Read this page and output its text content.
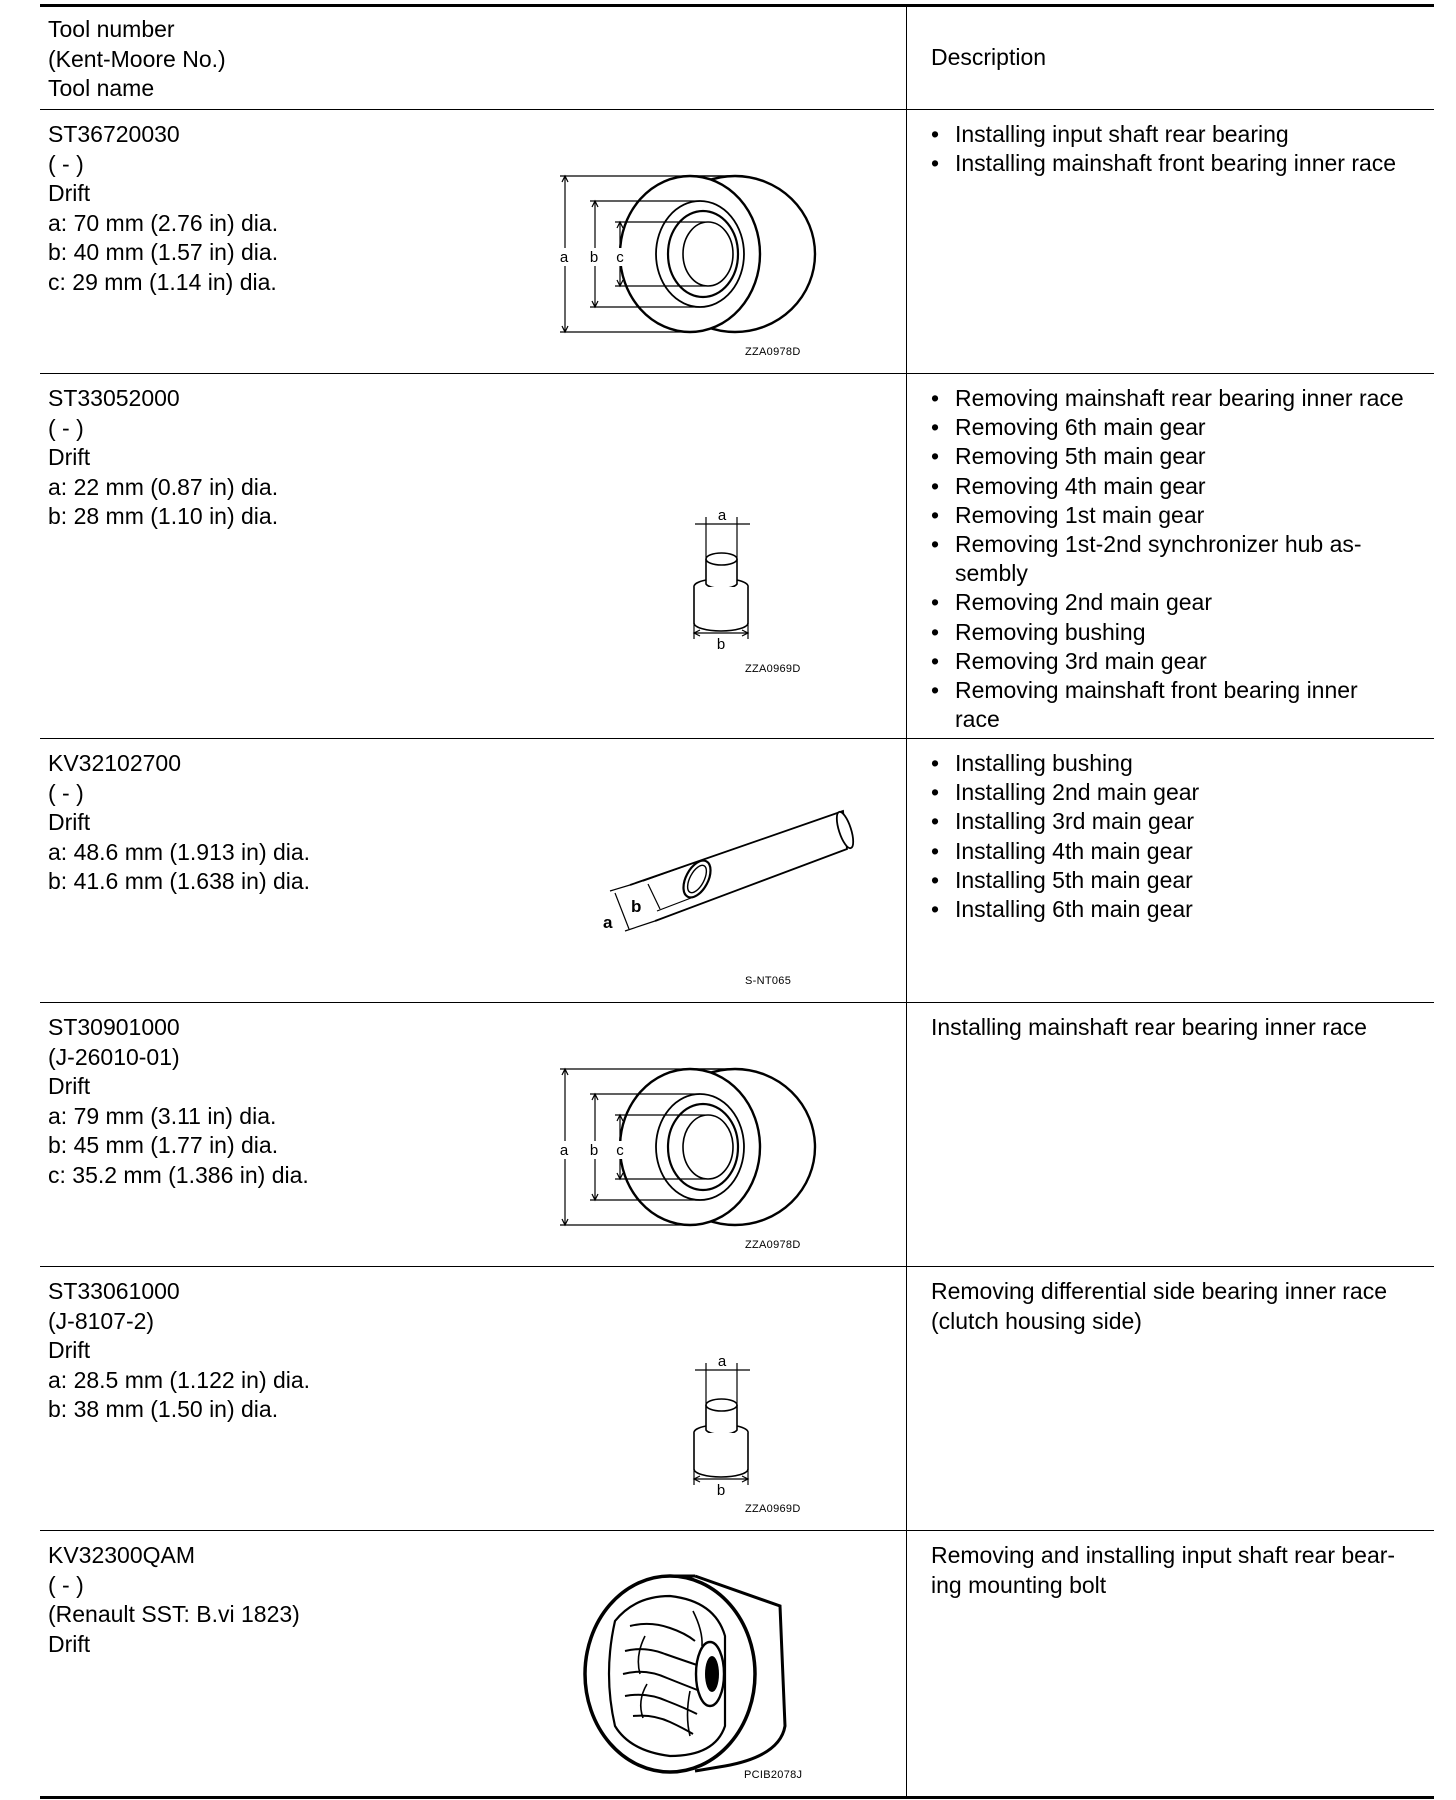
Tool number
(Kent-Moore No.)
Tool name
Description
ST36720030
( - )
Drift
a: 70 mm (2.76 in) dia.
b: 40 mm (1.57 in) dia.
c: 29 mm (1.14 in) dia.
a b c
ZZA0978D
• Installing input shaft rear bearing
• Installing mainshaft front bearing inner race
ST33052000
( - )
Drift
a: 22 mm (0.87 in) dia.
b: 28 mm (1.10 in) dia.	a
b
ZZA0969D
• Removing mainshaft rear bearing inner race
• Removing 6th main gear
• Removing 5th main gear
• Removing 4th main gear
• Removing 1st main gear
• Removing 1st-2nd synchronizer hub as-sembly
• Removing 2nd main gear
• Removing bushing
• Removing 3rd main gear
• Removing mainshaft front bearing inner race
KV32102700
( - )
Drift
a: 48.6 mm (1.913 in) dia.
b: 41.6 mm (1.638 in) dia.
a
b
S-NT065
• Installing bushing
• Installing 2nd main gear
• Installing 3rd main gear
• Installing 4th main gear
• Installing 5th main gear
• Installing 6th main gear
ST30901000
(J-26010-01)
Drift
a: 79 mm (3.11 in) dia.
b: 45 mm (1.77 in) dia.
c: 35.2 mm (1.386 in) dia.
a b c
ZZA0978D
Installing mainshaft rear bearing inner race
ST33061000
(J-8107-2)
Drift
a: 28.5 mm (1.122 in) dia.
b: 38 mm (1.50 in) dia.
a
b
ZZA0969D
Removing differential side bearing inner race (clutch housing side)
KV32300QAM
( - )
(Renault SST: B.vi 1823)
Drift
PCIB2078J
Removing and installing input shaft rear bear-ing mounting bolt
